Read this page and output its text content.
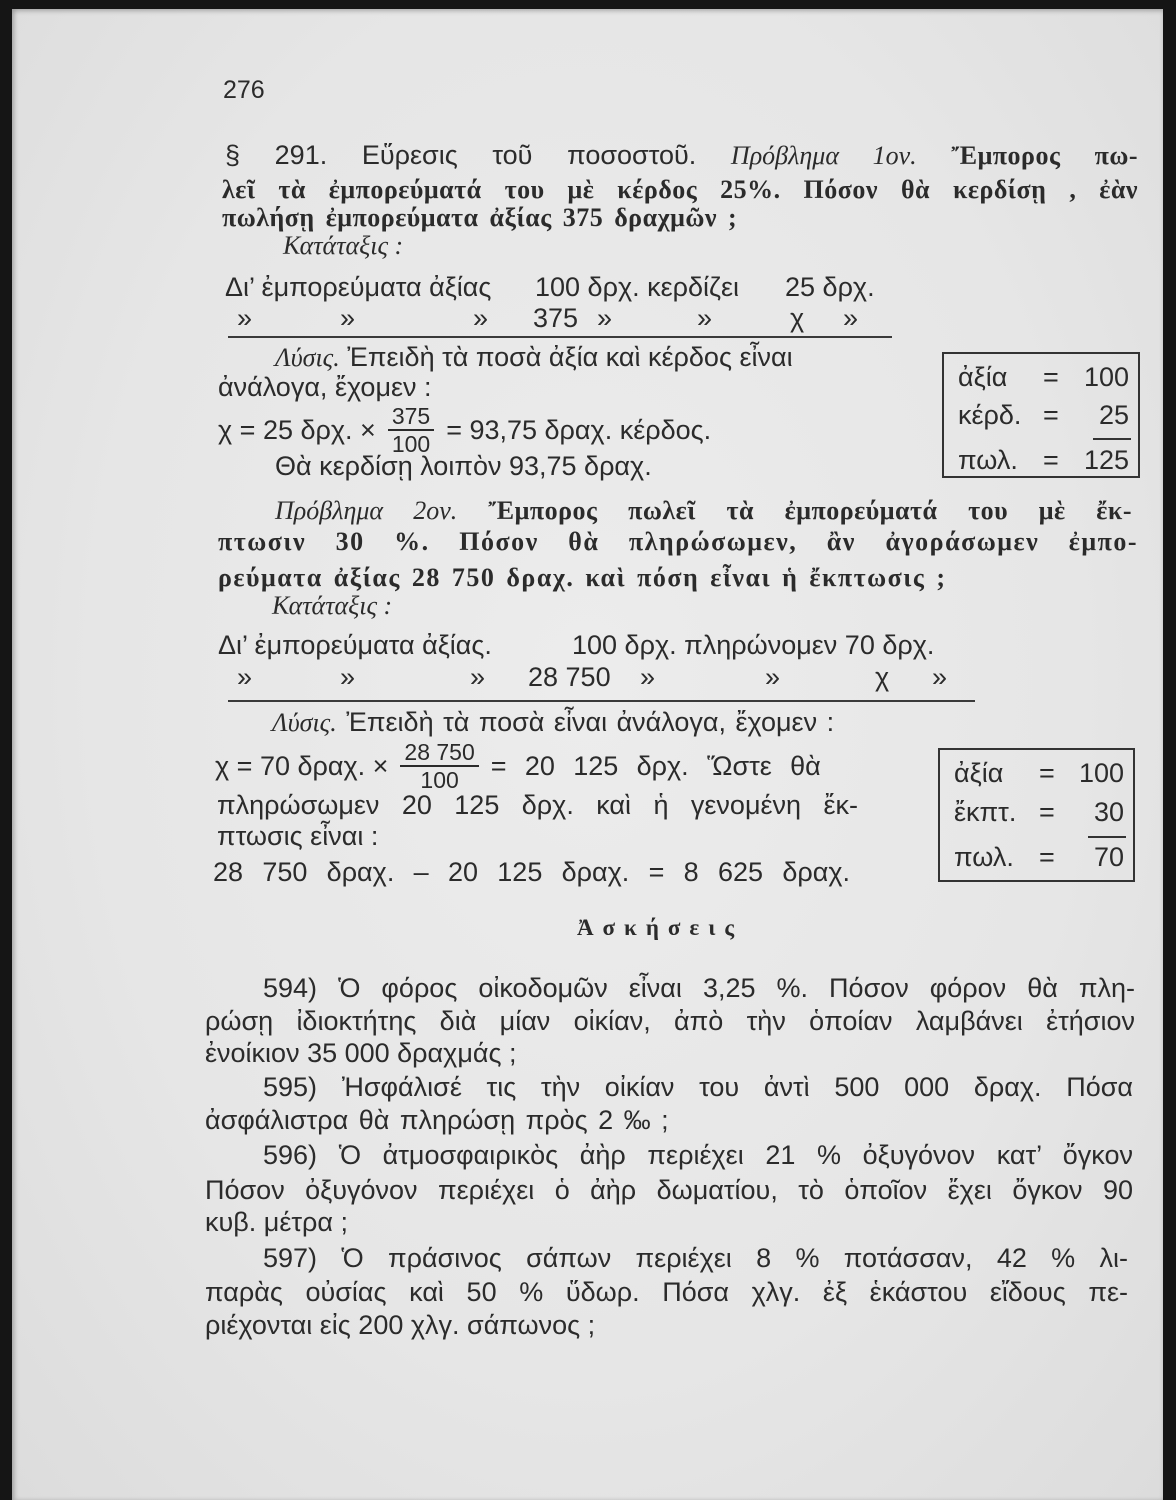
276
§ 291. Εὕρεσις τοῦ ποσοστοῦ. Πρόβλημα 1ον. Ἔμπορος πω-
λεῖ τὰ ἐμπορεύματά του μὲ κέρδος 25%. Πόσον θὰ κερδίσῃ , ἐὰν
πωλήσῃ ἐμπορεύματα ἀξίας 375 δραχμῶν ;
Κατάταξις :
Δι’ ἐμπορεύματα ἀξίας 100 δρχ. κερδίζει 25 δρχ.
»	»	» 375 »	»	χ »
Λύσις. Ἐπειδὴ τὰ ποσὰ ἀξία καὶ κέρδος εἶναι
ἀνάλογα, ἔχομεν :
χ = 25 δρχ. × $\frac{375}{100} = 93,75$ δραχ. κέρδος.
Θὰ κερδίσῃ λοιπὸν 93,75 δραχ.
ἀξία = 100
κέρδ. = 25
πωλ. = 125
Πρόβλημα 2ον. Ἔμπορος πωλεῖ τὰ ἐμπορεύματά του μὲ ἔκ-
πτωσιν 30 %. Πόσον θὰ πληρώσωμεν, ἂν ἀγοράσωμεν ἐμπο-
ρεύματα ἀξίας 28 750 δραχ. καὶ πόση εἶναι ἡ ἔκπτωσις ;
Κατάταξις :
Δι’ ἐμπορεύματα ἀξίας.	100 δρχ. πληρώνομεν 70 δρχ.
»	»	» 28 750 »	»	χ »
Λύσις. Ἐπειδὴ τὰ ποσὰ εἶναι ἀνάλογα, ἔχομεν :
χ = 70 δραχ. × $\frac{28 750}{100} = 20$ 125 δρχ. Ὥστε θὰ
πληρώσωμεν 20 125 δρχ. καὶ ἡ γενομένη ἔκ-
πτωσις εἶναι :
28 750 δραχ. – 20 125 δραχ. = 8 625 δραχ.
ἀξία = 100
ἔκπτ. = 30
πωλ. = 70
Ἀσκήσεις
594) Ὁ φόρος οἰκοδομῶν εἶναι 3,25 %. Πόσον φόρον θὰ πλη-
ρώσῃ ἰδιοκτήτης διὰ μίαν οἰκίαν, ἀπὸ τὴν ὁποίαν λαμβάνει ἐτήσιον
ἐνοίκιον 35 000 δραχμάς ;
595) Ἠσφάλισέ τις τὴν οἰκίαν του ἀντὶ 500 000 δραχ. Πόσα
ἀσφάλιστρα θὰ πληρώσῃ πρὸς 2 ‰ ;
596) Ὁ ἀτμοσφαιρικὸς ἀὴρ περιέχει 21 % ὀξυγόνον κατ’ ὄγκον
Πόσον ὀξυγόνον περιέχει ὁ ἀὴρ δωματίου, τὸ ὁποῖον ἔχει ὄγκον 90
κυβ. μέτρα ;
597) Ὁ πράσινος σάπων περιέχει 8 % ποτάσσαν, 42 % λι-
παρὰς οὐσίας καὶ 50 % ὕδωρ. Πόσα χλγ. ἐξ ἑκάστου εἴδους πε-
ριέχονται εἰς 200 χλγ. σάπωνος ;
